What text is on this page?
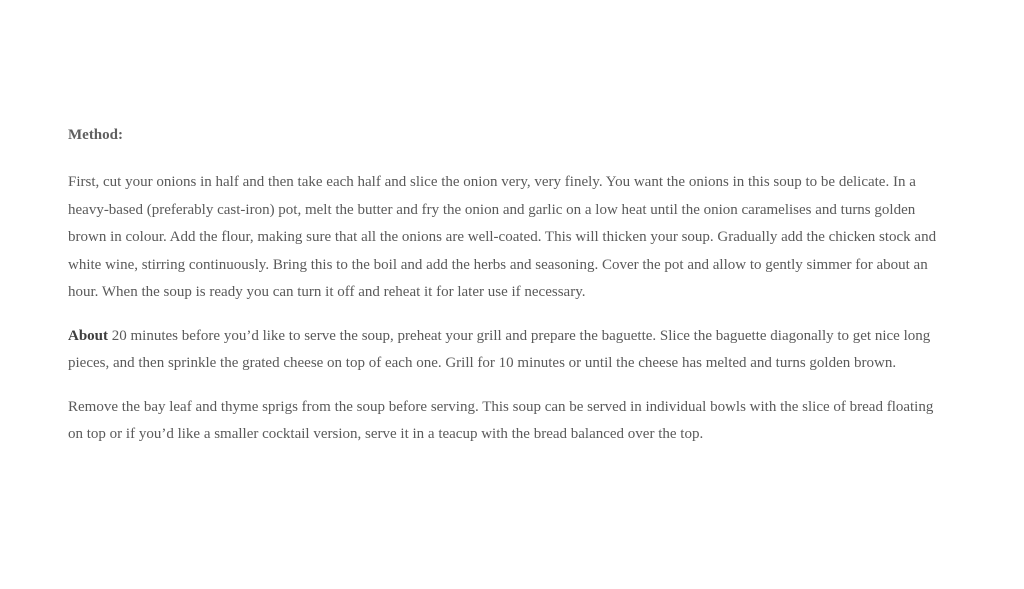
Method:

First, cut your onions in half and then take each half and slice the onion very, very finely. You want the onions in this soup to be delicate. In a heavy-based (preferably cast-iron) pot, melt the butter and fry the onion and garlic on a low heat until the onion caramelises and turns golden brown in colour. Add the flour, making sure that all the onions are well-coated. This will thicken your soup. Gradually add the chicken stock and white wine, stirring continuously. Bring this to the boil and add the herbs and seasoning. Cover the pot and allow to gently simmer for about an hour. When the soup is ready you can turn it off and reheat it for later use if necessary.

About 20 minutes before you’d like to serve the soup, preheat your grill and prepare the baguette. Slice the baguette diagonally to get nice long pieces, and then sprinkle the grated cheese on top of each one. Grill for 10 minutes or until the cheese has melted and turns golden brown.

Remove the bay leaf and thyme sprigs from the soup before serving. This soup can be served in individual bowls with the slice of bread floating on top or if you’d like a smaller cocktail version, serve it in a teacup with the bread balanced over the top.
